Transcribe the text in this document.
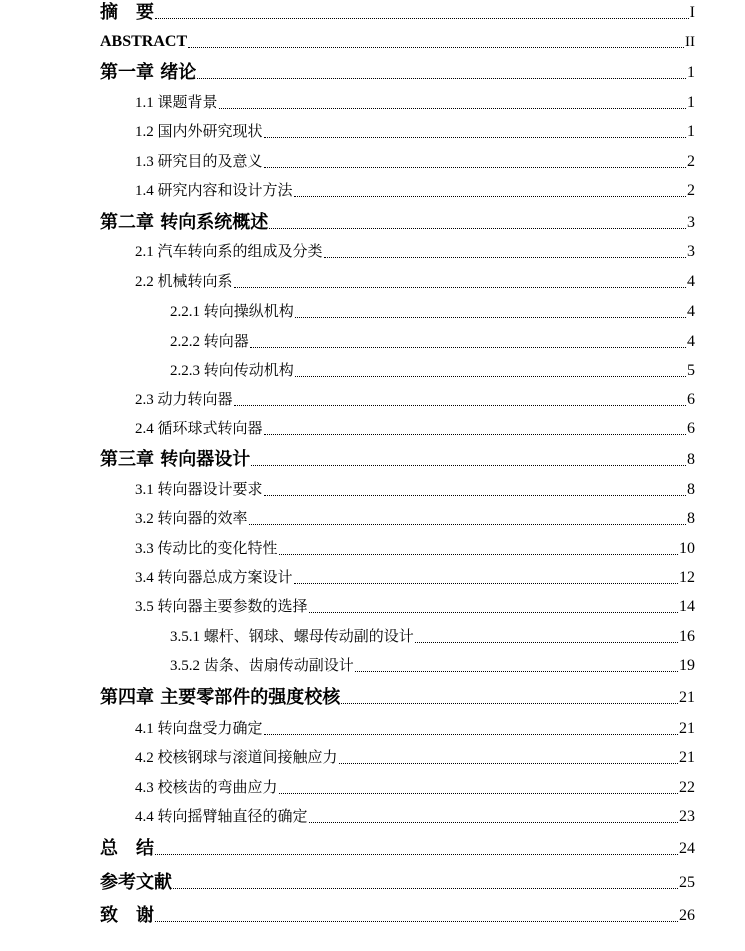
摘　要	I
ABSTRACT	II
第一章 绪论	1
1.1 课题背景	1
1.2 国内外研究现状	1
1.3 研究目的及意义	2
1.4 研究内容和设计方法	2
第二章 转向系统概述	3
2.1 汽车转向系的组成及分类	3
2.2 机械转向系	4
2.2.1 转向操纵机构	4
2.2.2 转向器	4
2.2.3 转向传动机构	5
2.3 动力转向器	6
2.4 循环球式转向器	6
第三章 转向器设计	8
3.1 转向器设计要求	8
3.2 转向器的效率	8
3.3 传动比的变化特性	10
3.4 转向器总成方案设计	12
3.5 转向器主要参数的选择	14
3.5.1 螺杆、钢球、螺母传动副的设计	16
3.5.2 齿条、齿扇传动副设计	19
第四章 主要零部件的强度校核	21
4.1 转向盘受力确定	21
4.2 校核钢球与滚道间接触应力	21
4.3 校核齿的弯曲应力	22
4.4 转向摇臂轴直径的确定	23
总　结	24
参考文献	25
致　谢	26
